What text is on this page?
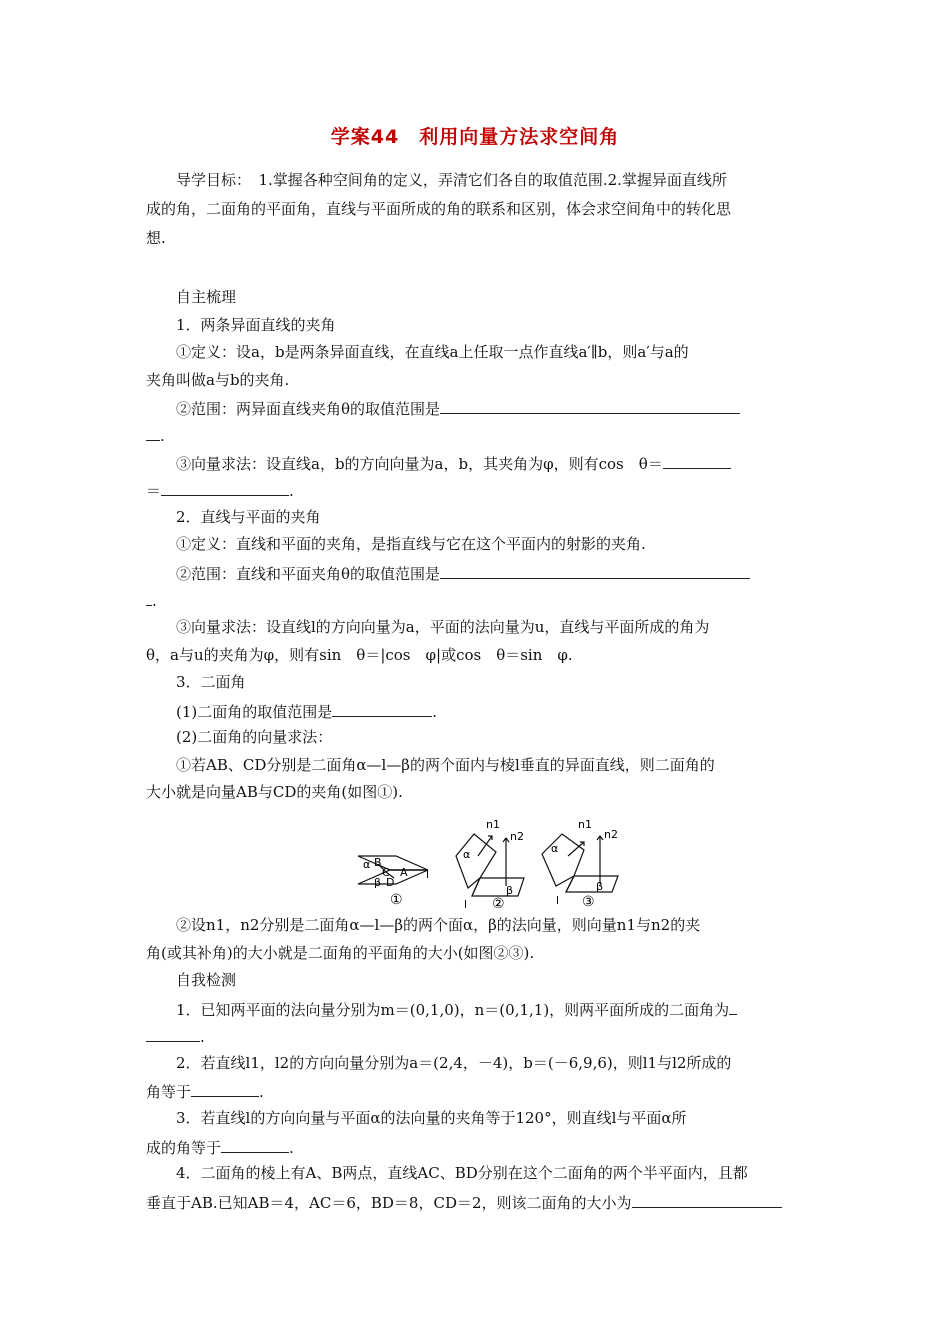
学案44　利用向量方法求空间角
导学目标：　1.掌握各种空间角的定义，弄清它们各自的取值范围.2.掌握异面直线所
成的角，二面角的平面角，直线与平面所成的角的联系和区别，体会求空间角中的转化思
想.
自主梳理
1．两条异面直线的夹角
①定义：设a，b是两条异面直线，在直线a上任取一点作直线a′∥b，则a′与a的
夹角叫做a与b的夹角.
②范围：两异面直线夹角θ的取值范围是
.
③向量求法：设直线a，b的方向向量为a，b，其夹角为φ，则有cos　θ＝
＝	.
2．直线与平面的夹角
①定义：直线和平面的夹角，是指直线与它在这个平面内的射影的夹角.
②范围：直线和平面夹角θ的取值范围是
.
③向量求法：设直线l的方向向量为a，平面的法向量为u，直线与平面所成的角为
θ，a与u的夹角为φ，则有sin　θ＝|cos　φ|或cos　θ＝sin　φ.
3．二面角
(1)二面角的取值范围是	.
(2)二面角的向量求法：
①若AB、CD分别是二面角α—l—β的两个面内与棱l垂直的异面直线，则二面角的
大小就是向量AB与CD的夹角(如图①).
α B
C A
β D
l
①
n1
n2
α
β
l ②
n1
n2
α
β
l ③
②设n1，n2分别是二面角α—l—β的两个面α，β的法向量，则向量n1与n2的夹
角(或其补角)的大小就是二面角的平面角的大小(如图②③).
自我检测
1．已知两平面的法向量分别为m＝(0,1,0)，n＝(0,1,1)，则两平面所成的二面角为
.
2．若直线l1，l2的方向向量分别为a＝(2,4，－4)，b＝(－6,9,6)，则l1与l2所成的
角等于	.
3．若直线l的方向向量与平面α的法向量的夹角等于120°，则直线l与平面α所
成的角等于	.
4．二面角的棱上有A、B两点，直线AC、BD分别在这个二面角的两个半平面内，且都
垂直于AB.已知AB＝4，AC＝6，BD＝8，CD＝2，则该二面角的大小为
